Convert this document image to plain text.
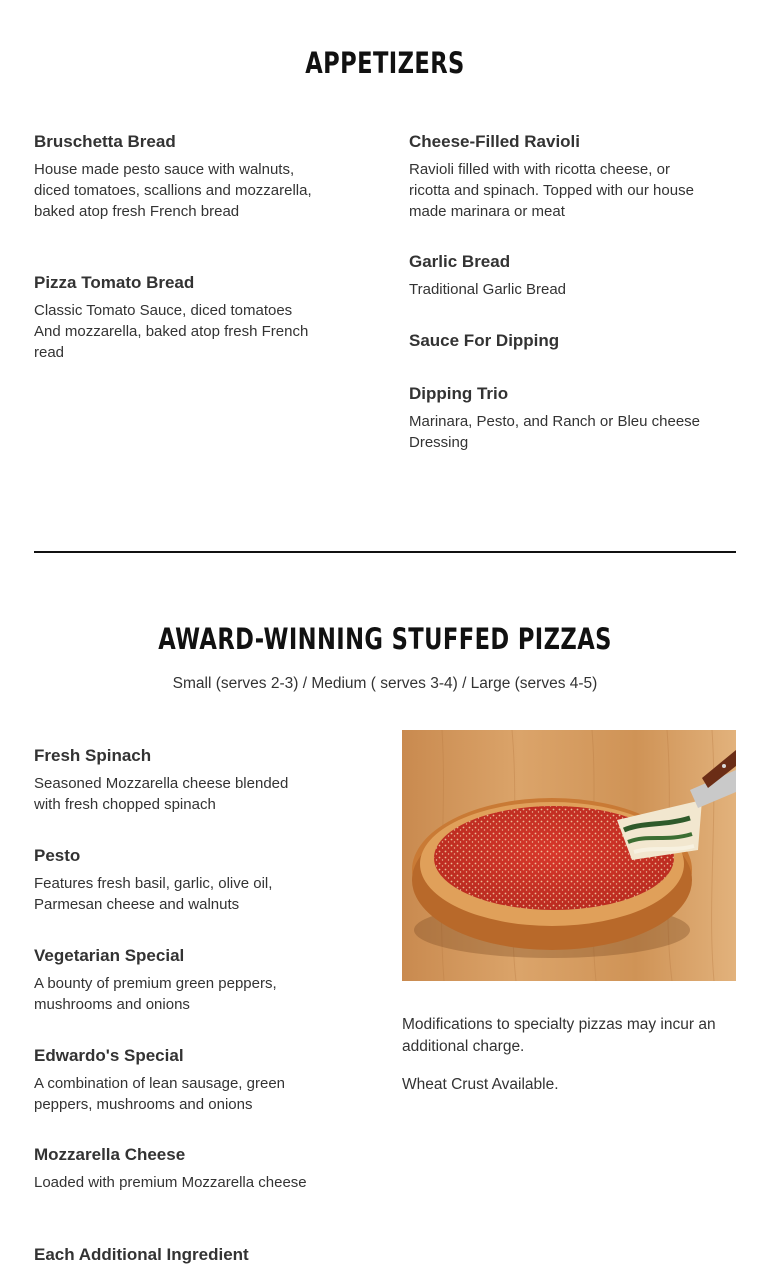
APPETIZERS
Bruschetta Bread
House made pesto sauce with walnuts, diced tomatoes, scallions and mozzarella, baked atop fresh French bread
Pizza Tomato Bread
Classic Tomato Sauce, diced tomatoes And mozzarella, baked atop fresh French read
Cheese-Filled Ravioli
Ravioli filled with with ricotta cheese, or ricotta and spinach. Topped with our house made marinara or meat
Garlic Bread
Traditional Garlic Bread
Sauce For Dipping
Dipping Trio
Marinara, Pesto, and Ranch or Bleu cheese Dressing
AWARD-WINNING STUFFED PIZZAS
Small (serves 2-3) / Medium ( serves 3-4) / Large (serves 4-5)
Fresh Spinach
Seasoned Mozzarella cheese blended with fresh chopped spinach
Pesto
Features fresh basil, garlic, olive oil, Parmesan cheese and walnuts
Vegetarian Special
A bounty of premium green peppers, mushrooms and onions
Edwardo's Special
A combination of lean sausage, green peppers, mushrooms and onions
Mozzarella Cheese
Loaded with premium Mozzarella cheese
Each Additional Ingredient

Modifications to specialty pizzas may incur an additional charge.

Wheat Crust Available.
